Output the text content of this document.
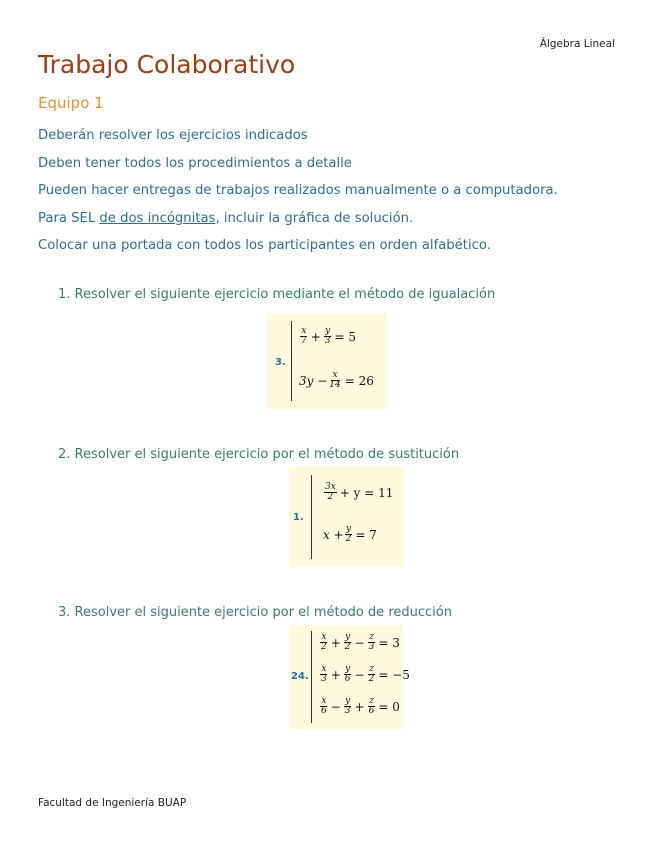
Álgebra Lineal
Trabajo Colaborativo
Equipo 1
Deberán resolver los ejercicios indicados
Deben tener todos los procedimientos a detalle
Pueden hacer entregas de trabajos realizados manualmente o a computadora.
Para SEL de dos incógnitas, incluir la gráfica de solución.
Colocar una portada con todos los participantes en orden alfabético.
1. Resolver el siguiente ejercicio mediante el método de igualación
3.
$\frac{x}{7} + \frac{y}{3} = 5$
$3y - \frac{x}{14} = 26$
2. Resolver el siguiente ejercicio por el método de sustitución
1.
$\frac{3x}{2} + y = 11$
$x + \frac{y}{2} = 7$
3. Resolver el siguiente ejercicio por el método de reducción
24.
$\frac{x}{2} + \frac{y}{2} - \frac{z}{3} = 3$
$\frac{x}{3} + \frac{y}{6} - \frac{z}{2} = -5$
$\frac{x}{6} - \frac{y}{3} + \frac{z}{6} = 0$
Facultad de Ingeniería BUAP
